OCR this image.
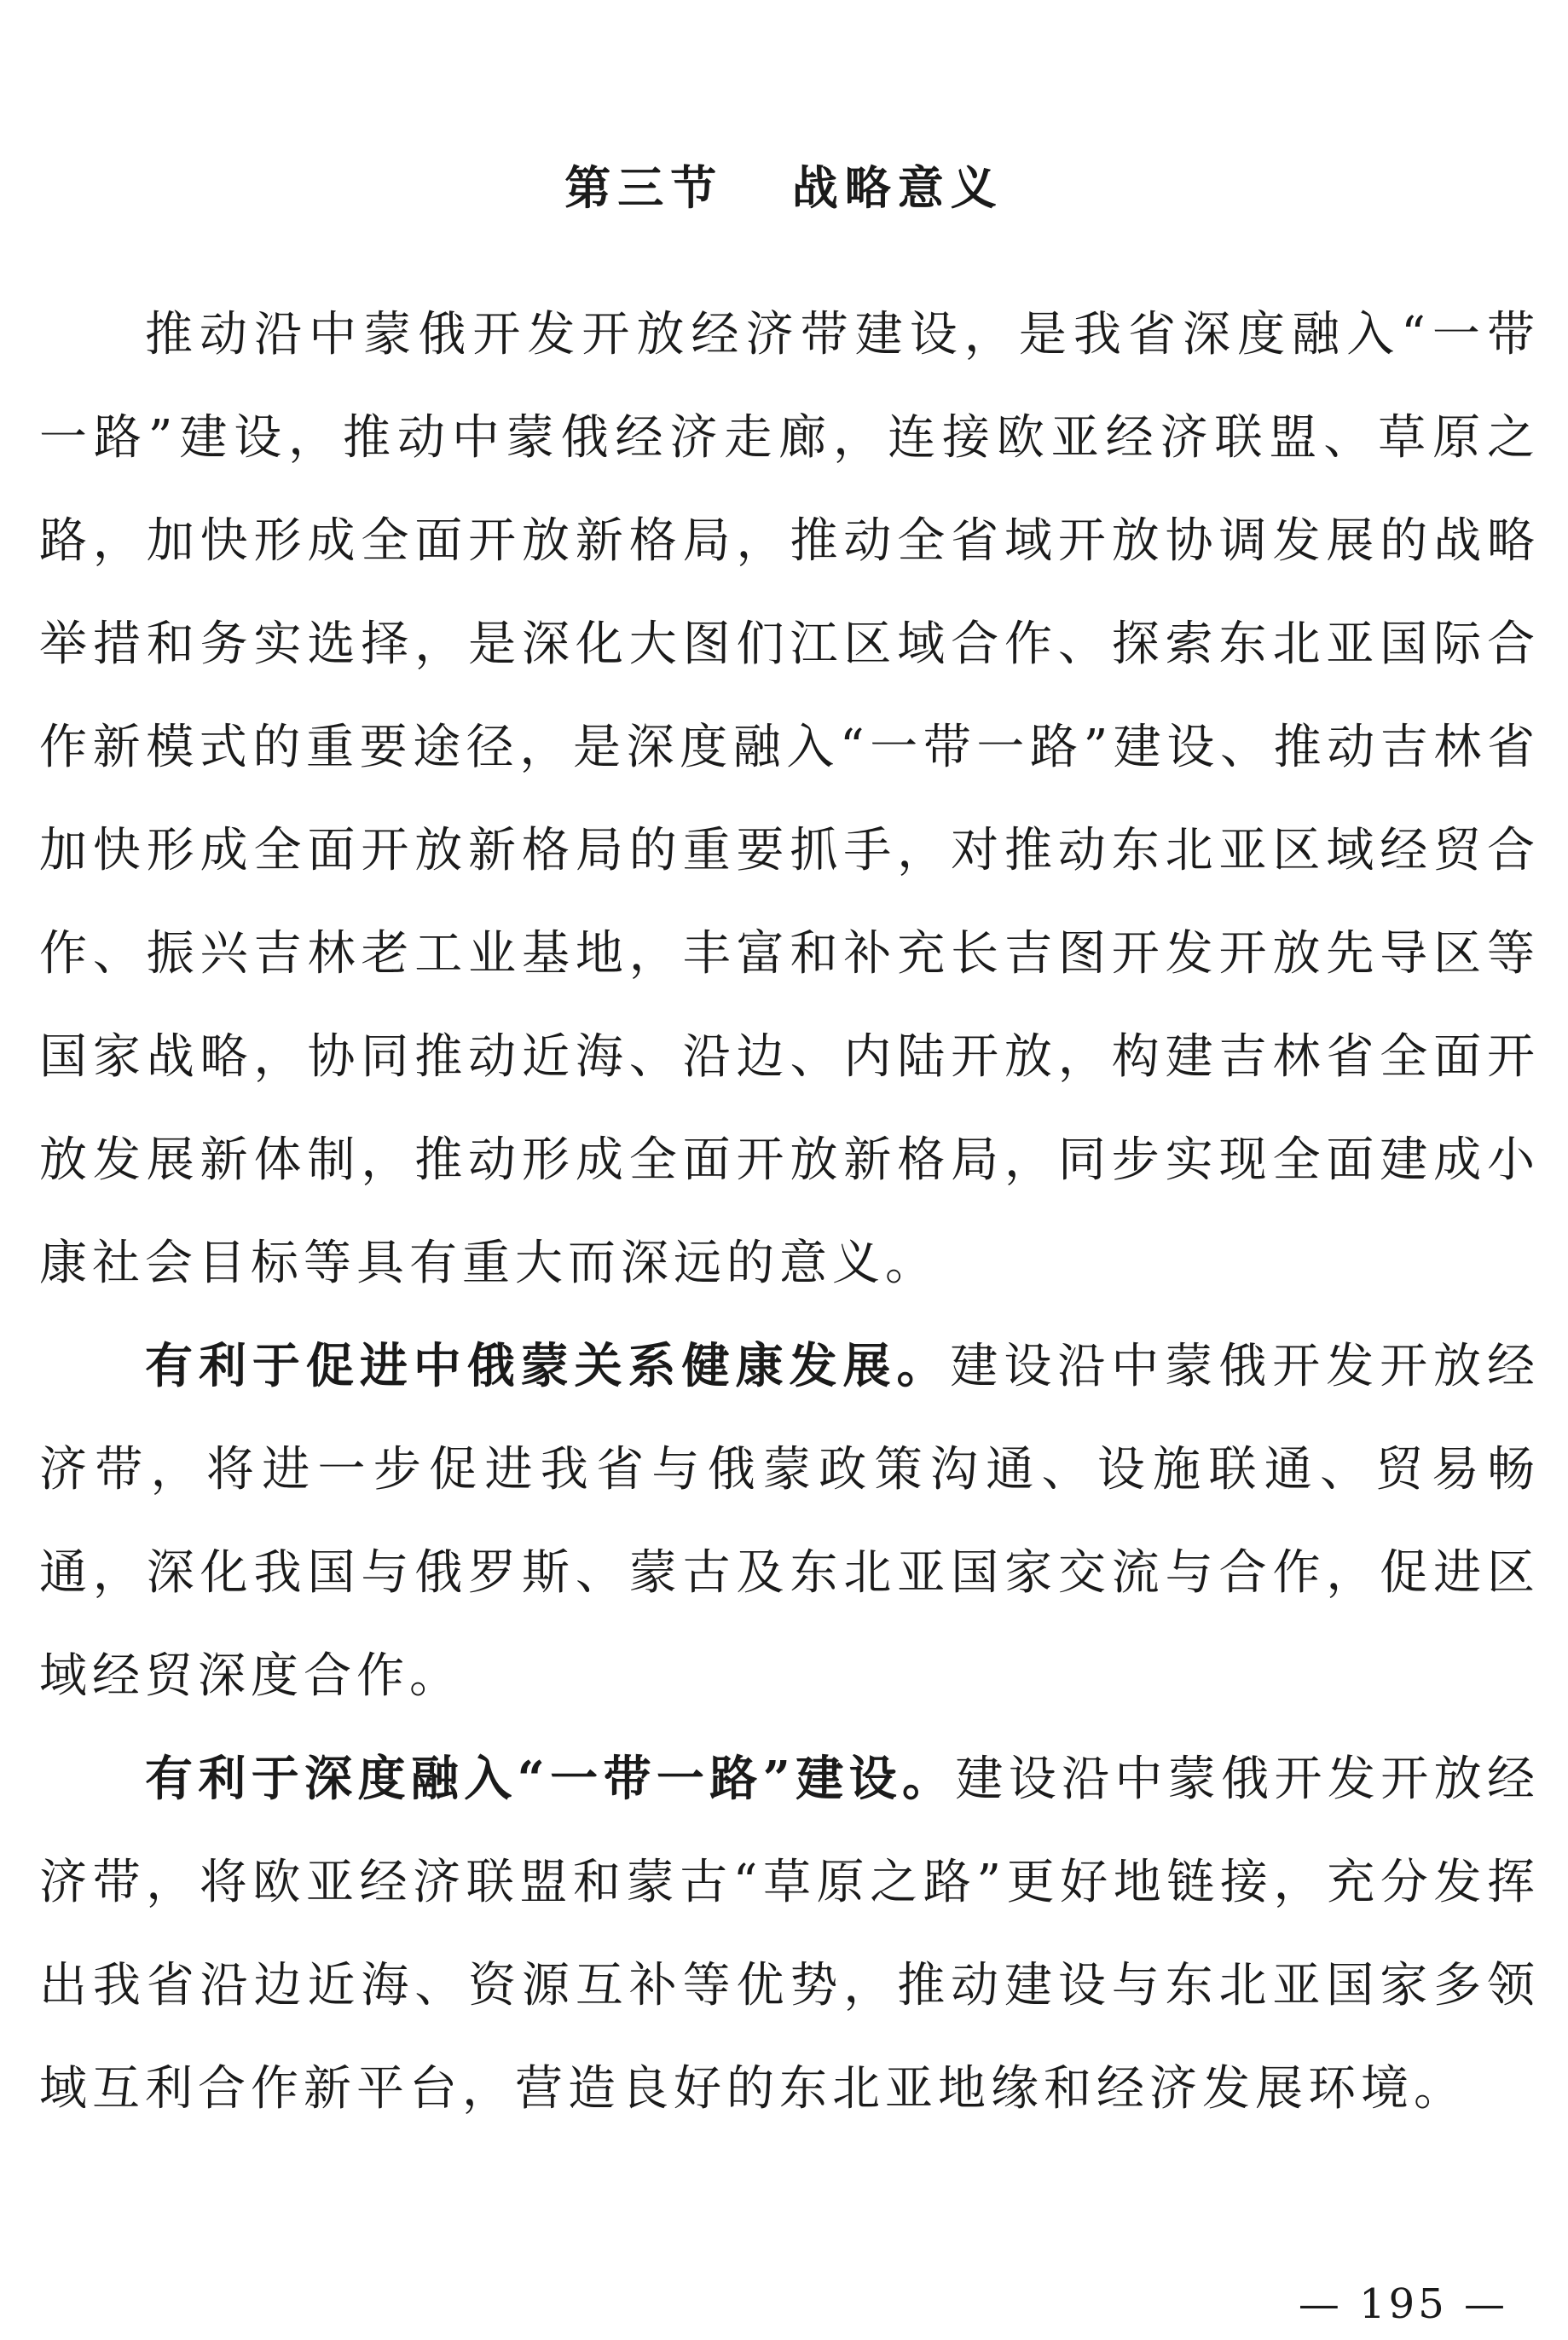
第三节   战略意义

推动沿中蒙俄开发开放经济带建设，是我省深度融入“一带一路”建设，推动中蒙俄经济走廊，连接欧亚经济联盟、草原之路，加快形成全面开放新格局，推动全省域开放协调发展的战略举措和务实选择，是深化大图们江区域合作、探索东北亚国际合作新模式的重要途径，是深度融入“一带一路”建设、推动吉林省加快形成全面开放新格局的重要抓手，对推动东北亚区域经贸合作、振兴吉林老工业基地，丰富和补充长吉图开发开放先导区等国家战略，协同推动近海、沿边、内陆开放，构建吉林省全面开放发展新体制，推动形成全面开放新格局，同步实现全面建成小康社会目标等具有重大而深远的意义。

有利于促进中俄蒙关系健康发展。建设沿中蒙俄开发开放经济带，将进一步促进我省与俄蒙政策沟通、设施联通、贸易畅通，深化我国与俄罗斯、蒙古及东北亚国家交流与合作，促进区域经贸深度合作。

有利于深度融入“一带一路”建设。建设沿中蒙俄开发开放经济带，将欧亚经济联盟和蒙古“草原之路”更好地链接，充分发挥出我省沿边近海、资源互补等优势，推动建设与东北亚国家多领域互利合作新平台，营造良好的东北亚地缘和经济发展环境。

— 195 —
